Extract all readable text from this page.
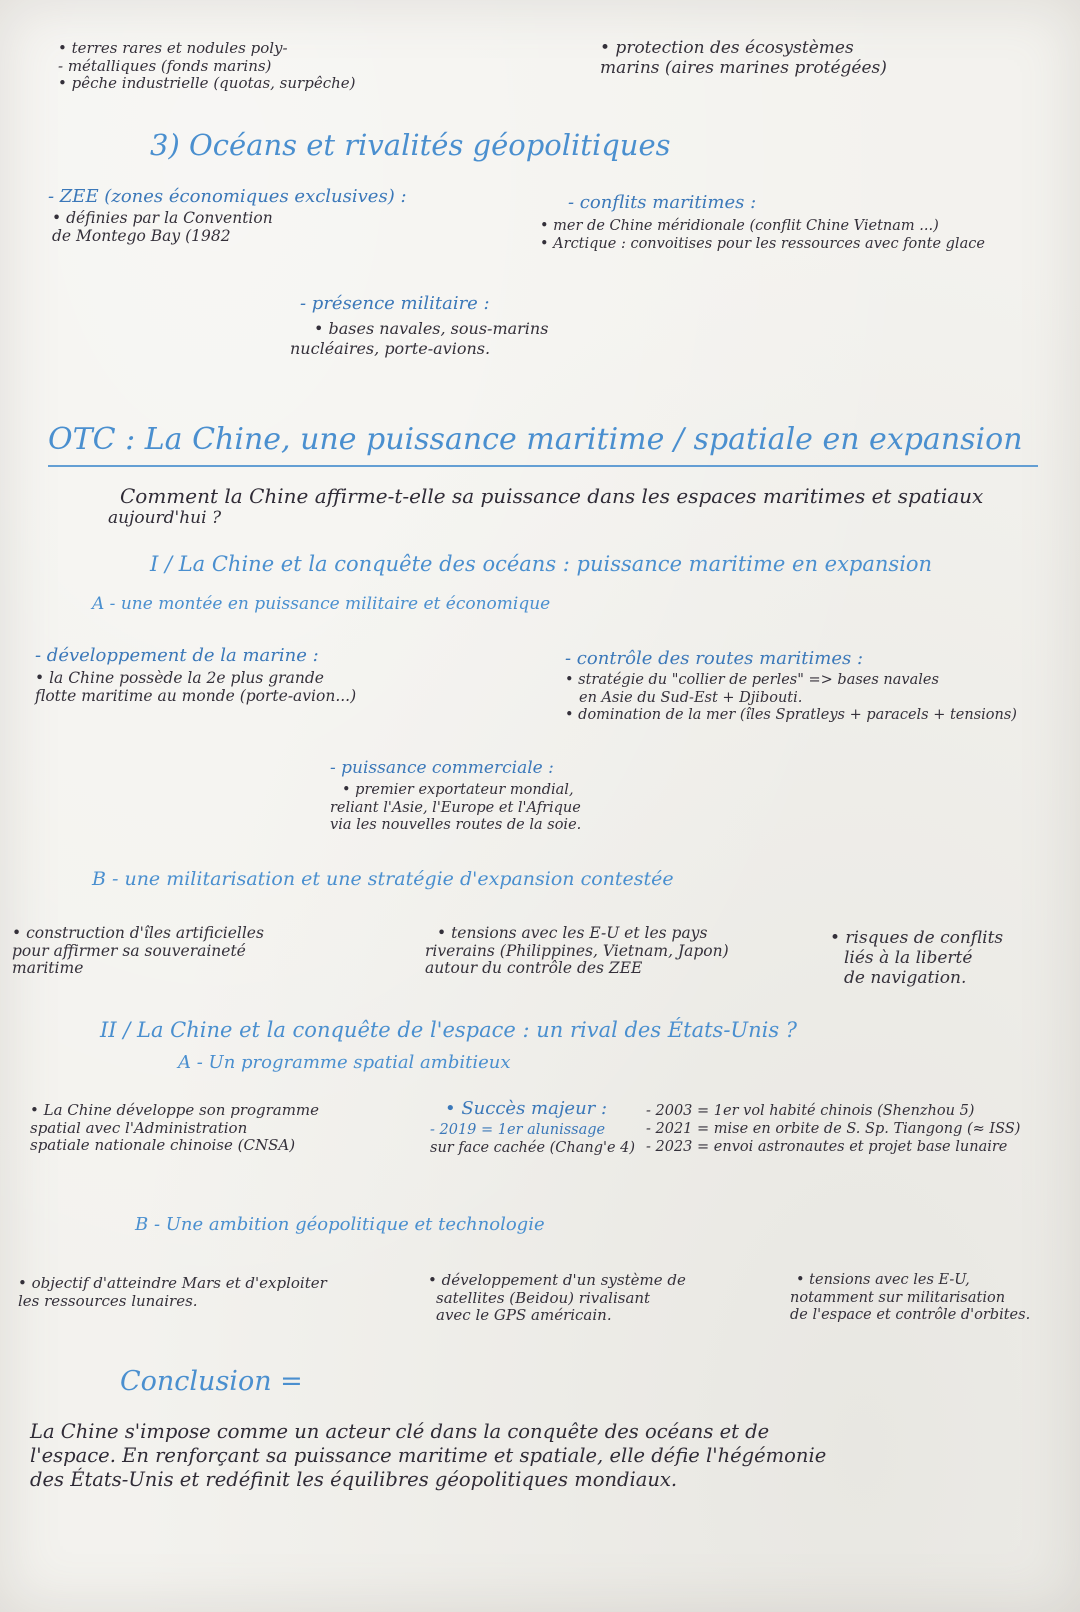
• terres rares et nodules poly-
- métalliques (fonds marins)
• pêche industrielle (quotas, surpêche)
• protection des écosystèmes
marins (aires marines protégées)
3) Océans et rivalités géopolitiques
- ZEE (zones économiques exclusives) :
• définies par la Convention
de Montego Bay (1982
- conflits maritimes :
• mer de Chine méridionale (conflit Chine Vietnam ...)
• Arctique : convoitises pour les ressources avec fonte glace
- présence militaire :
• bases navales, sous-marins
nucléaires, porte-avions.
OTC : La Chine, une puissance maritime / spatiale en expansion
Comment la Chine affirme-t-elle sa puissance dans les espaces maritimes et spatiaux
aujourd'hui ?
I / La Chine et la conquête des océans : puissance maritime en expansion
A - une montée en puissance militaire et économique
- développement de la marine :
• la Chine possède la 2e plus grande
flotte maritime au monde (porte-avion...)
- contrôle des routes maritimes :
• stratégie du "collier de perles" => bases navales
en Asie du Sud-Est + Djibouti.
• domination de la mer (îles Spratleys + paracels + tensions)
- puissance commerciale :
• premier exportateur mondial,
reliant l'Asie, l'Europe et l'Afrique
via les nouvelles routes de la soie.
B - une militarisation et une stratégie d'expansion contestée
• construction d'îles artificielles
pour affirmer sa souveraineté
maritime
• tensions avec les E-U et les pays
riverains (Philippines, Vietnam, Japon)
autour du contrôle des ZEE
• risques de conflits
liés à la liberté
de navigation.
II / La Chine et la conquête de l'espace : un rival des États-Unis ?
A - Un programme spatial ambitieux
• La Chine développe son programme
spatial avec l'Administration
spatiale nationale chinoise (CNSA)
• Succès majeur :
- 2019 = 1er alunissage
sur face cachée (Chang'e 4)
- 2003 = 1er vol habité chinois (Shenzhou 5)
- 2021 = mise en orbite de S. Sp. Tiangong (≈ ISS)
- 2023 = envoi astronautes et projet base lunaire
B - Une ambition géopolitique et technologie
• objectif d'atteindre Mars et d'exploiter
les ressources lunaires.
• développement d'un système de
satellites (Beidou) rivalisant
avec le GPS américain.
• tensions avec les E-U,
notamment sur militarisation
de l'espace et contrôle d'orbites.
Conclusion =
La Chine s'impose comme un acteur clé dans la conquête des océans et de
l'espace. En renforçant sa puissance maritime et spatiale, elle défie l'hégémonie
des États-Unis et redéfinit les équilibres géopolitiques mondiaux.
